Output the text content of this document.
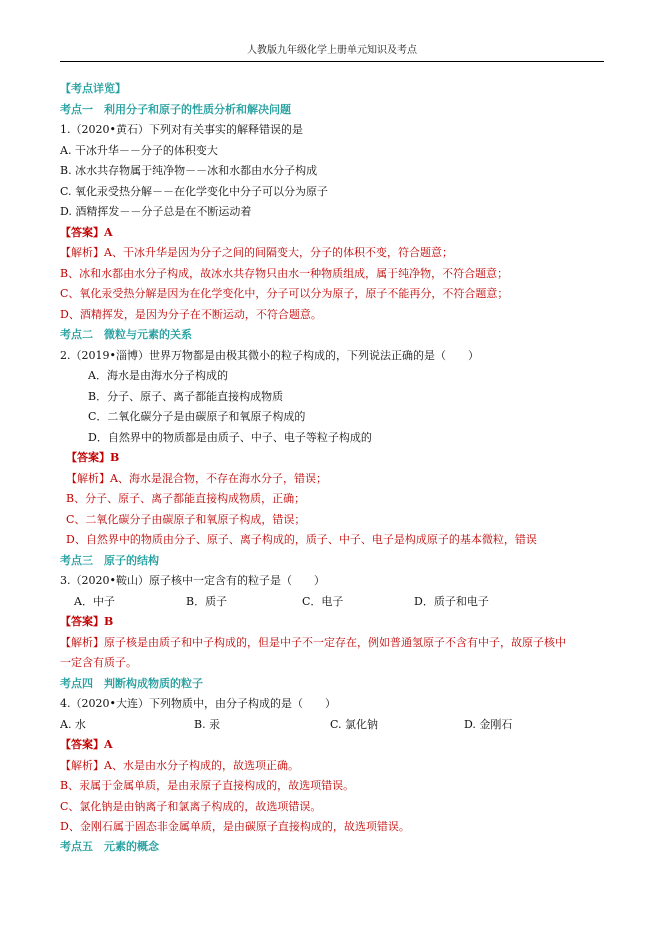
人教版九年级化学上册单元知识及考点
【考点详览】
考点一　利用分子和原子的性质分析和解决问题
1.（2020•黄石）下列对有关事实的解释错误的是
A. 干冰升华－－分子的体积变大
B. 冰水共存物属于纯净物－－冰和水都由水分子构成
C. 氧化汞受热分解－－在化学变化中分子可以分为原子
D. 酒精挥发－－分子总是在不断运动着
【答案】A
【解析】A、干冰升华是因为分子之间的间隔变大，分子的体积不变，符合题意；
B、冰和水都由水分子构成，故冰水共存物只由水一种物质组成，属于纯净物，不符合题意；
C、氧化汞受热分解是因为在化学变化中，分子可以分为原子，原子不能再分，不符合题意；
D、酒精挥发，是因为分子在不断运动，不符合题意。
考点二　微粒与元素的关系
2.（2019•淄博）世界万物都是由极其微小的粒子构成的，下列说法正确的是（　　）
A．海水是由海水分子构成的
B．分子、原子、离子都能直接构成物质
C．二氧化碳分子是由碳原子和氧原子构成的
D．自然界中的物质都是由质子、中子、电子等粒子构成的
【答案】B
【解析】A、海水是混合物，不存在海水分子，错误；
B、分子、原子、离子都能直接构成物质，正确；
C、二氧化碳分子由碳原子和氧原子构成，错误；
D、自然界中的物质由分子、原子、离子构成的，质子、中子、电子是构成原子的基本微粒，错误
考点三　原子的结构
3.（2020•鞍山）原子核中一定含有的粒子是（　　）
A．中子	B．质子	C．电子	D．质子和电子
【答案】B
【解析】原子核是由质子和中子构成的，但是中子不一定存在，例如普通氢原子不含有中子，故原子核中
一定含有质子。
考点四　判断构成物质的粒子
4.（2020•大连）下列物质中，由分子构成的是（　　）
A. 水	B. 汞	C. 氯化钠	D. 金刚石
【答案】A
【解析】A、水是由水分子构成的，故选项正确。
B、汞属于金属单质，是由汞原子直接构成的，故选项错误。
C、氯化钠是由钠离子和氯离子构成的，故选项错误。
D、金刚石属于固态非金属单质，是由碳原子直接构成的，故选项错误。
考点五　元素的概念
